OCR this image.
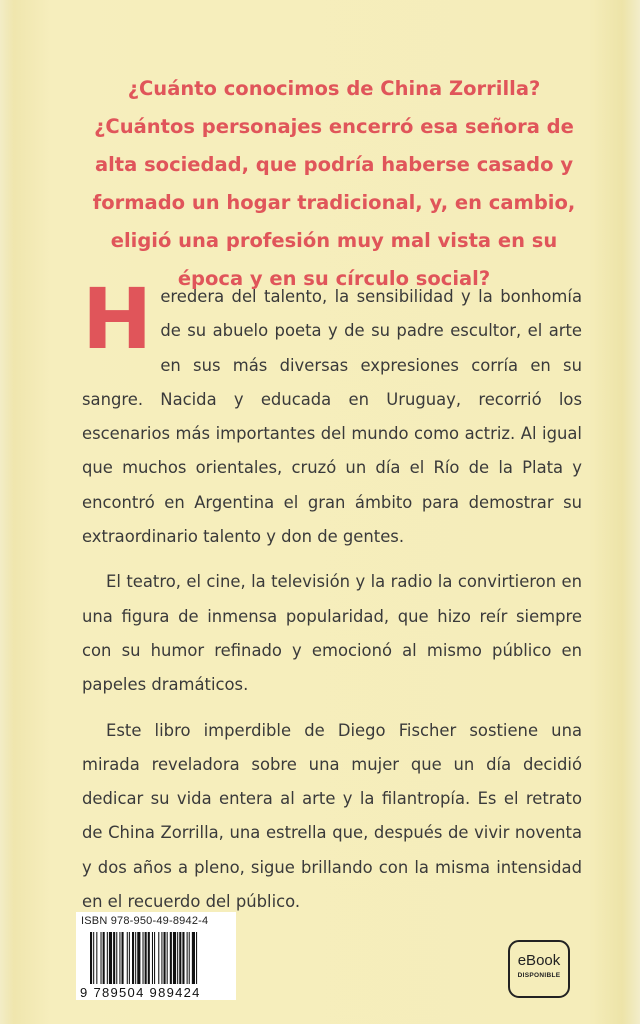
¿Cuánto conocimos de China Zorrilla? ¿Cuántos personajes encerró esa señora de alta sociedad, que podría haberse casado y formado un hogar tradicional, y, en cambio, eligió una profesión muy mal vista en su época y en su círculo social?

Heredera del talento, la sensibilidad y la bonhomía de su abuelo poeta y de su padre escultor, el arte en sus más diversas expresiones corría en su sangre. Nacida y educada en Uruguay, recorrió los escenarios más importantes del mundo como actriz. Al igual que muchos orientales, cruzó un día el Río de la Plata y encontró en Argentina el gran ámbito para demostrar su extraordinario talento y don de gentes.

El teatro, el cine, la televisión y la radio la convirtieron en una figura de inmensa popularidad, que hizo reír siempre con su humor refinado y emocionó al mismo público en papeles dramáticos.

Este libro imperdible de Diego Fischer sostiene una mirada reveladora sobre una mujer que un día decidió dedicar su vida entera al arte y la filantropía. Es el retrato de China Zorrilla, una estrella que, después de vivir noventa y dos años a pleno, sigue brillando con la misma intensidad en el recuerdo del público.

ISBN 978-950-49-8942-4
9 789504 989424
eBook
DISPONIBLE
